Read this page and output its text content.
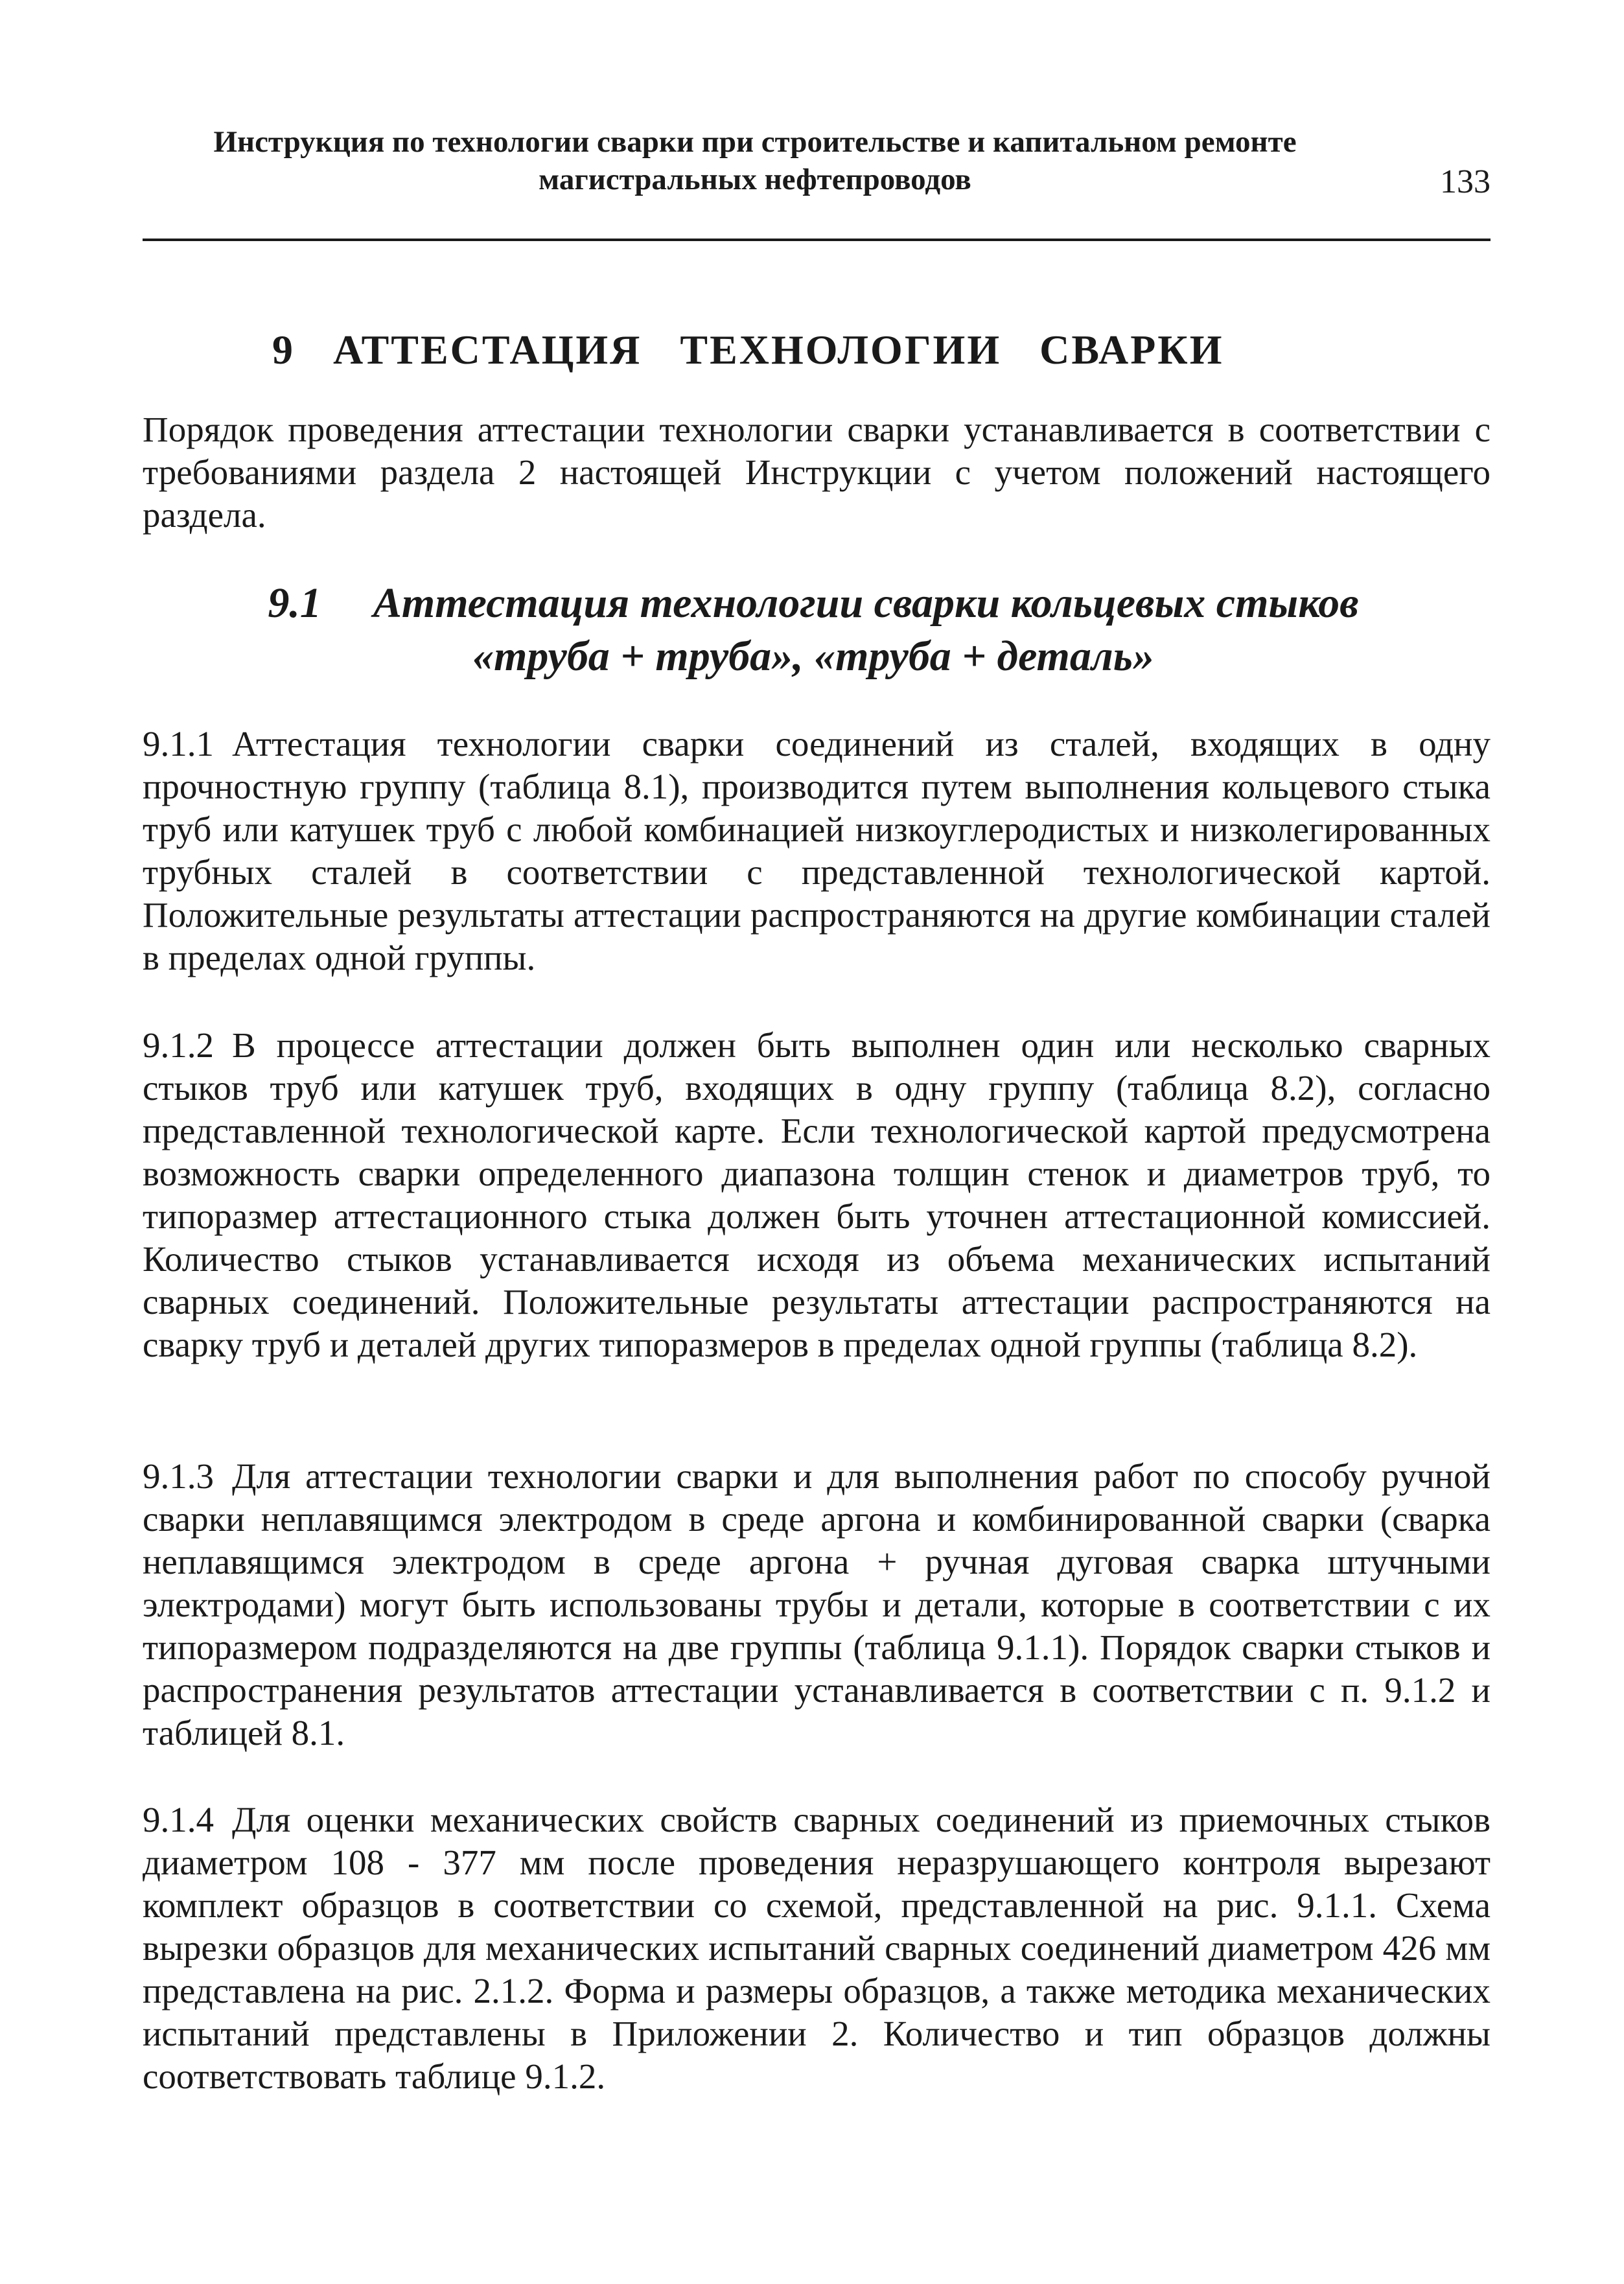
Инструкция по технологии сварки при строительстве и капитальном ремонте
магистральных нефтепроводов	133
9 АТТЕСТАЦИЯ ТЕХНОЛОГИИ СВАРКИ
Порядок проведения аттестации технологии сварки устанавливается в соответствии с требованиями раздела 2 настоящей Инструкции с учетом положений настоящего раздела.
9.1 Аттестация технологии сварки кольцевых стыков
«труба + труба», «труба + деталь»
9.1.1 Аттестация технологии сварки соединений из сталей, входящих в одну прочностную группу (таблица 8.1), производится путем выполнения кольцевого стыка труб или катушек труб с любой комбинацией низкоуглеродистых и низколегированных трубных сталей в соответствии с представленной технологической картой. Положительные результаты аттестации распространяются на другие комбинации сталей в пределах одной группы.
9.1.2 В процессе аттестации должен быть выполнен один или несколько сварных стыков труб или катушек труб, входящих в одну группу (таблица 8.2), согласно представленной технологической карте. Если технологической картой предусмотрена возможность сварки определенного диапазона толщин стенок и диаметров труб, то типоразмер аттестационного стыка должен быть уточнен аттестационной комиссией. Количество стыков устанавливается исходя из объема механических испытаний сварных соединений. Положительные результаты аттестации распространяются на сварку труб и деталей других типоразмеров в пределах одной группы (таблица 8.2).
9.1.3 Для аттестации технологии сварки и для выполнения работ по способу ручной сварки неплавящимся электродом в среде аргона и комбинированной сварки (сварка неплавящимся электродом в среде аргона + ручная дуговая сварка штучными электродами) могут быть использованы трубы и детали, которые в соответствии с их типоразмером подразделяются на две группы (таблица 9.1.1). Порядок сварки стыков и распространения результатов аттестации устанавливается в соответствии с п. 9.1.2 и таблицей 8.1.
9.1.4 Для оценки механических свойств сварных соединений из приемочных стыков диаметром 108 - 377 мм после проведения неразрушающего контроля вырезают комплект образцов в соответствии со схемой, представленной на рис. 9.1.1. Схема вырезки образцов для механических испытаний сварных соединений диаметром 426 мм представлена на рис. 2.1.2. Форма и размеры образцов, а также методика механических испытаний представлены в Приложении 2. Количество и тип образцов должны соответствовать таблице 9.1.2.
